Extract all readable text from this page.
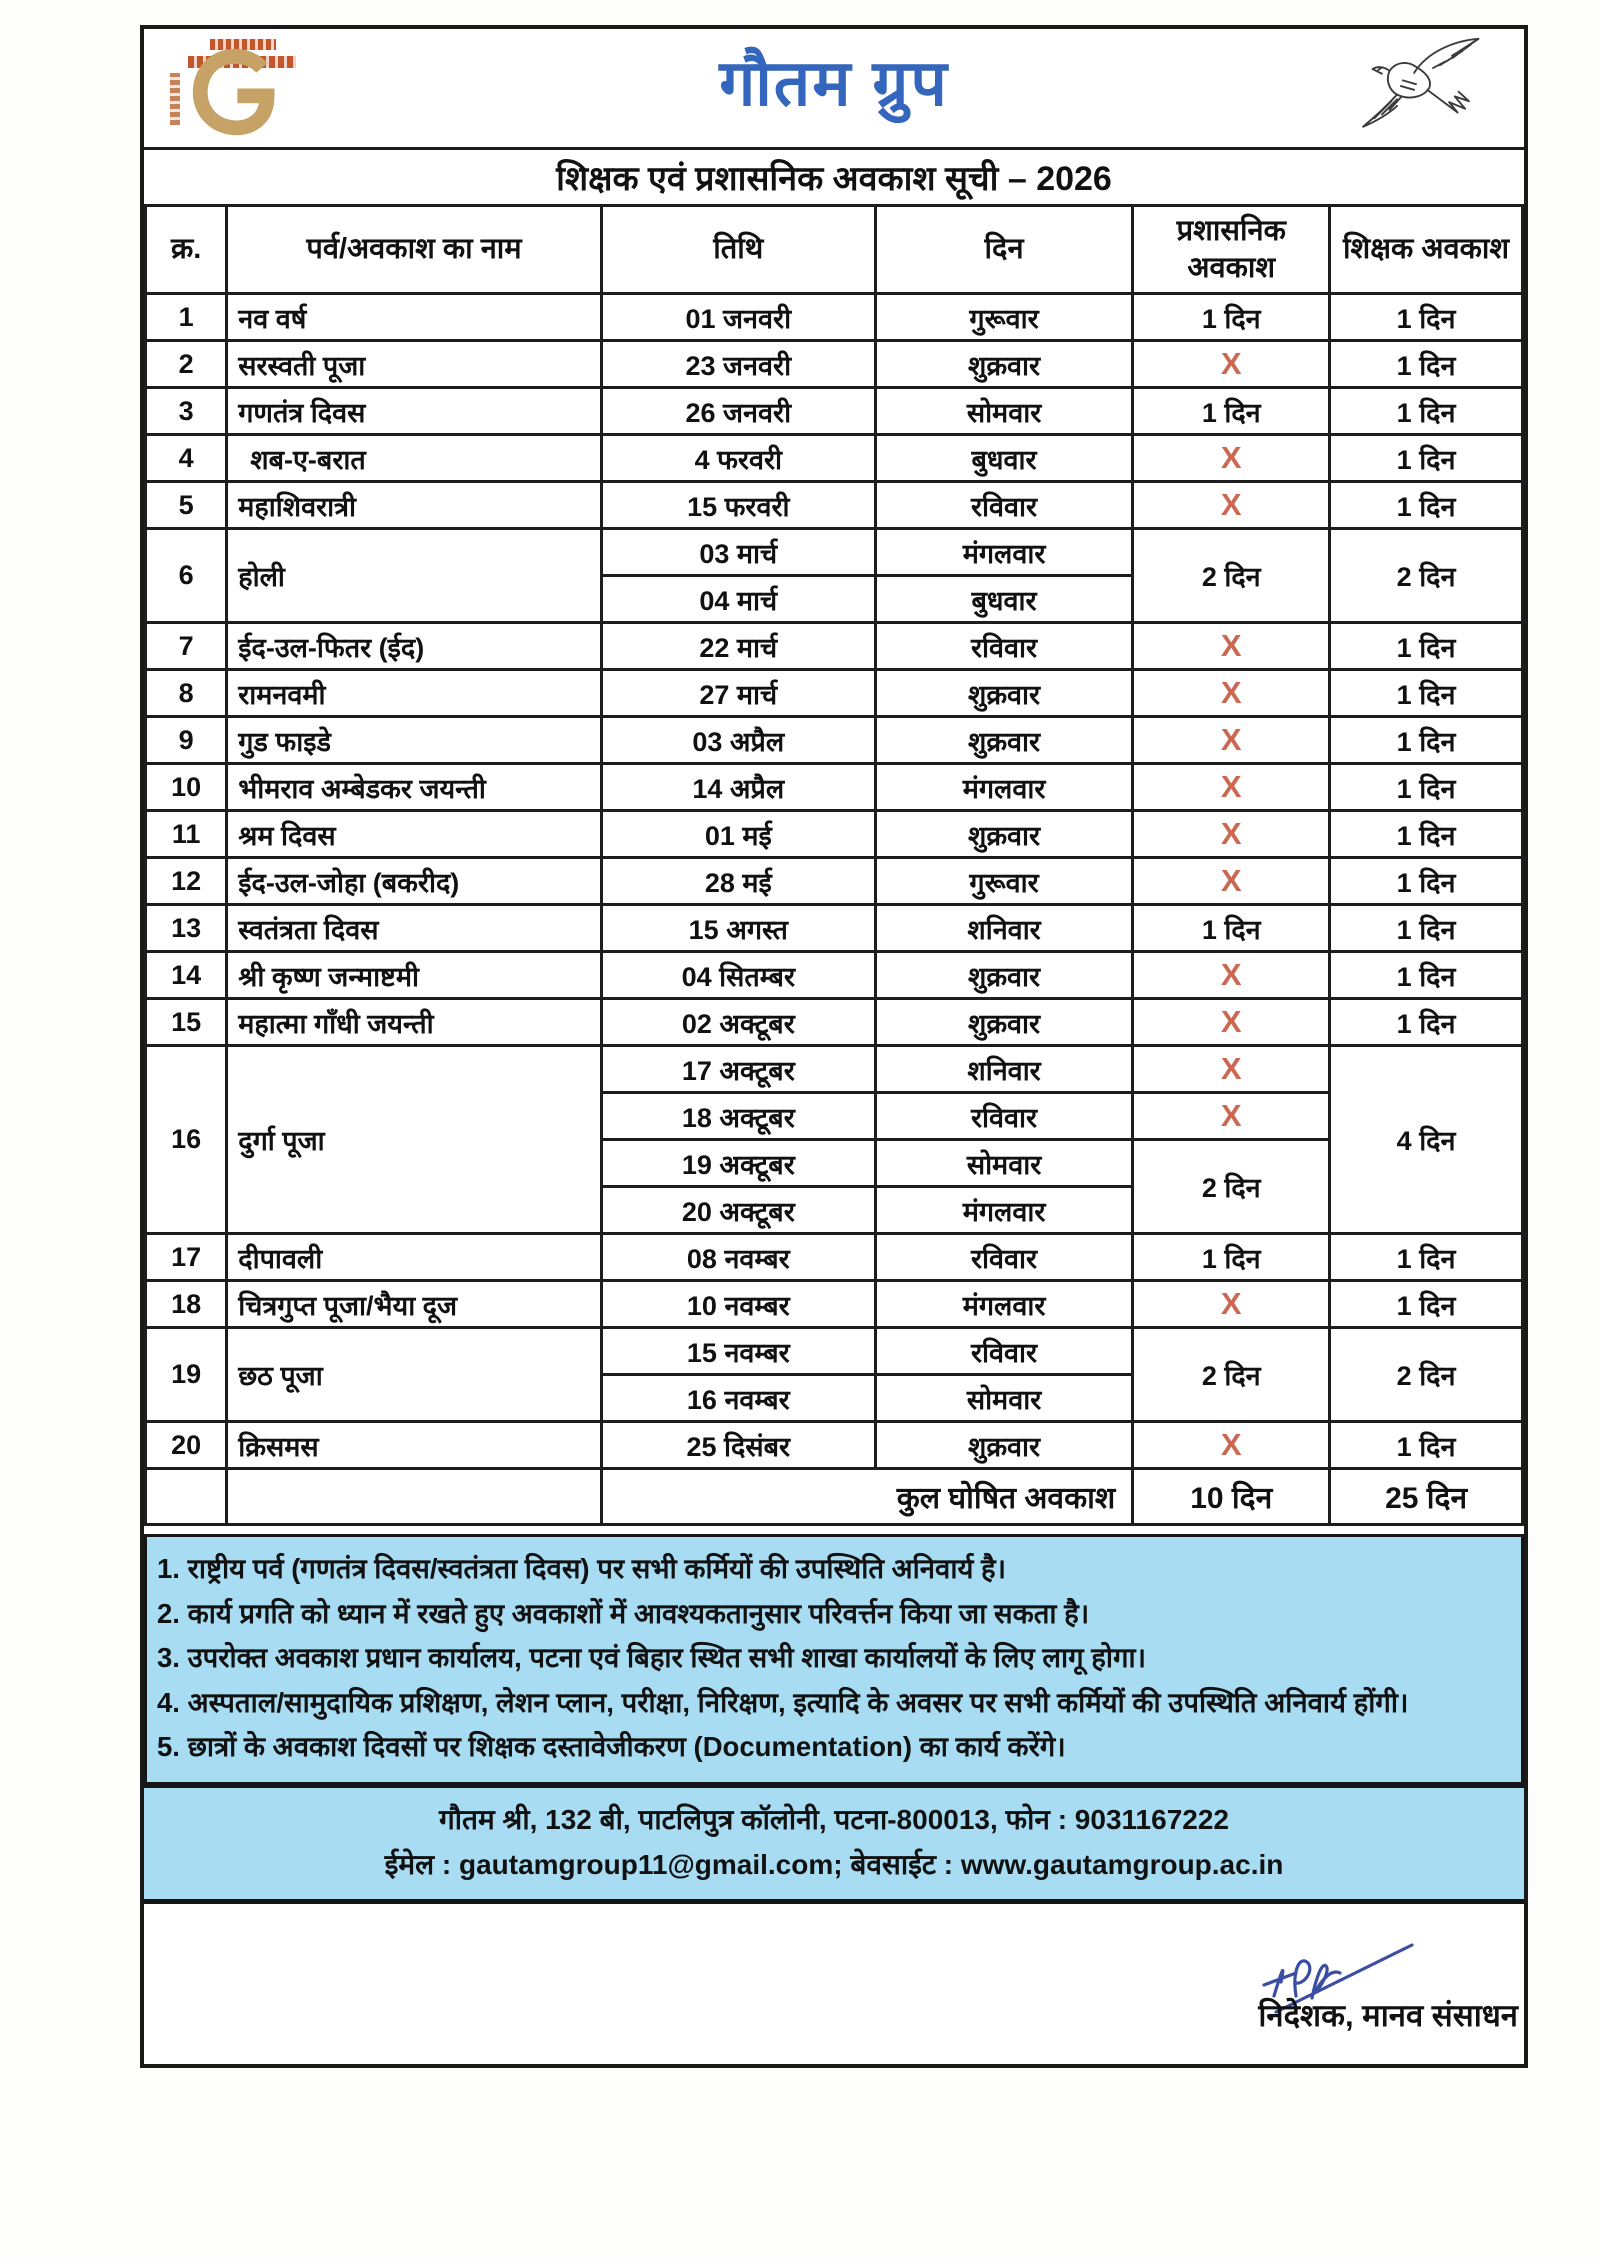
गौतम ग्रुप
शिक्षक एवं प्रशासनिक अवकाश सूची – 2026
क्र.	पर्व/अवकाश का नाम	तिथि	दिन	प्रशासनिक अवकाश	शिक्षक अवकाश
1	नव वर्ष	01 जनवरी	गुरूवार	1 दिन	1 दिन
2	सरस्वती पूजा	23 जनवरी	शुक्रवार	X	1 दिन
3	गणतंत्र दिवस	26 जनवरी	सोमवार	1 दिन	1 दिन
4	शब-ए-बरात	4 फरवरी	बुधवार	X	1 दिन
5	महाशिवरात्री	15 फरवरी	रविवार	X	1 दिन
6	होली	03 मार्च	मंगलवार	2 दिन	2 दिन
		04 मार्च	बुधवार		
7	ईद-उल-फितर (ईद)	22 मार्च	रविवार	X	1 दिन
8	रामनवमी	27 मार्च	शुक्रवार	X	1 दिन
9	गुड फाइडे	03 अप्रैल	शुक्रवार	X	1 दिन
10	भीमराव अम्बेडकर जयन्ती	14 अप्रैल	मंगलवार	X	1 दिन
11	श्रम दिवस	01 मई	शुक्रवार	X	1 दिन
12	ईद-उल-जोहा (बकरीद)	28 मई	गुरूवार	X	1 दिन
13	स्वतंत्रता दिवस	15 अगस्त	शनिवार	1 दिन	1 दिन
14	श्री कृष्ण जन्माष्टमी	04 सितम्बर	शुक्रवार	X	1 दिन
15	महात्मा गाँधी जयन्ती	02 अक्टूबर	शुक्रवार	X	1 दिन
16	दुर्गा पूजा	17 अक्टूबर	शनिवार	X	4 दिन
		18 अक्टूबर	रविवार	X	
		19 अक्टूबर	सोमवार	2 दिन	
		20 अक्टूबर	मंगलवार		
17	दीपावली	08 नवम्बर	रविवार	1 दिन	1 दिन
18	चित्रगुप्त पूजा/भैया दूज	10 नवम्बर	मंगलवार	X	1 दिन
19	छठ पूजा	15 नवम्बर	रविवार	2 दिन	2 दिन
		16 नवम्बर	सोमवार		
20	क्रिसमस	25 दिसंबर	शुक्रवार	X	1 दिन
		कुल घोषित अवकाश		10 दिन	25 दिन
1. राष्ट्रीय पर्व (गणतंत्र दिवस/स्वतंत्रता दिवस) पर सभी कर्मियों की उपस्थिति अनिवार्य है।
2. कार्य प्रगति को ध्यान में रखते हुए अवकाशों में आवश्यकतानुसार परिवर्त्तन किया जा सकता है।
3. उपरोक्त अवकाश प्रधान कार्यालय, पटना एवं बिहार स्थित सभी शाखा कार्यालयों के लिए लागू होगा।
4. अस्पताल/सामुदायिक प्रशिक्षण, लेशन प्लान, परीक्षा, निरिक्षण, इत्यादि के अवसर पर सभी कर्मियों की उपस्थिति अनिवार्य होंगी।
5. छात्रों के अवकाश दिवसों पर शिक्षक दस्तावेजीकरण (Documentation) का कार्य करेंगे।
गौतम श्री, 132 बी, पाटलिपुत्र कॉलोनी, पटना-800013, फोन : 9031167222
ईमेल : gautamgroup11@gmail.com; बेवसाईट : www.gautamgroup.ac.in
निदेशक, मानव संसाधन
